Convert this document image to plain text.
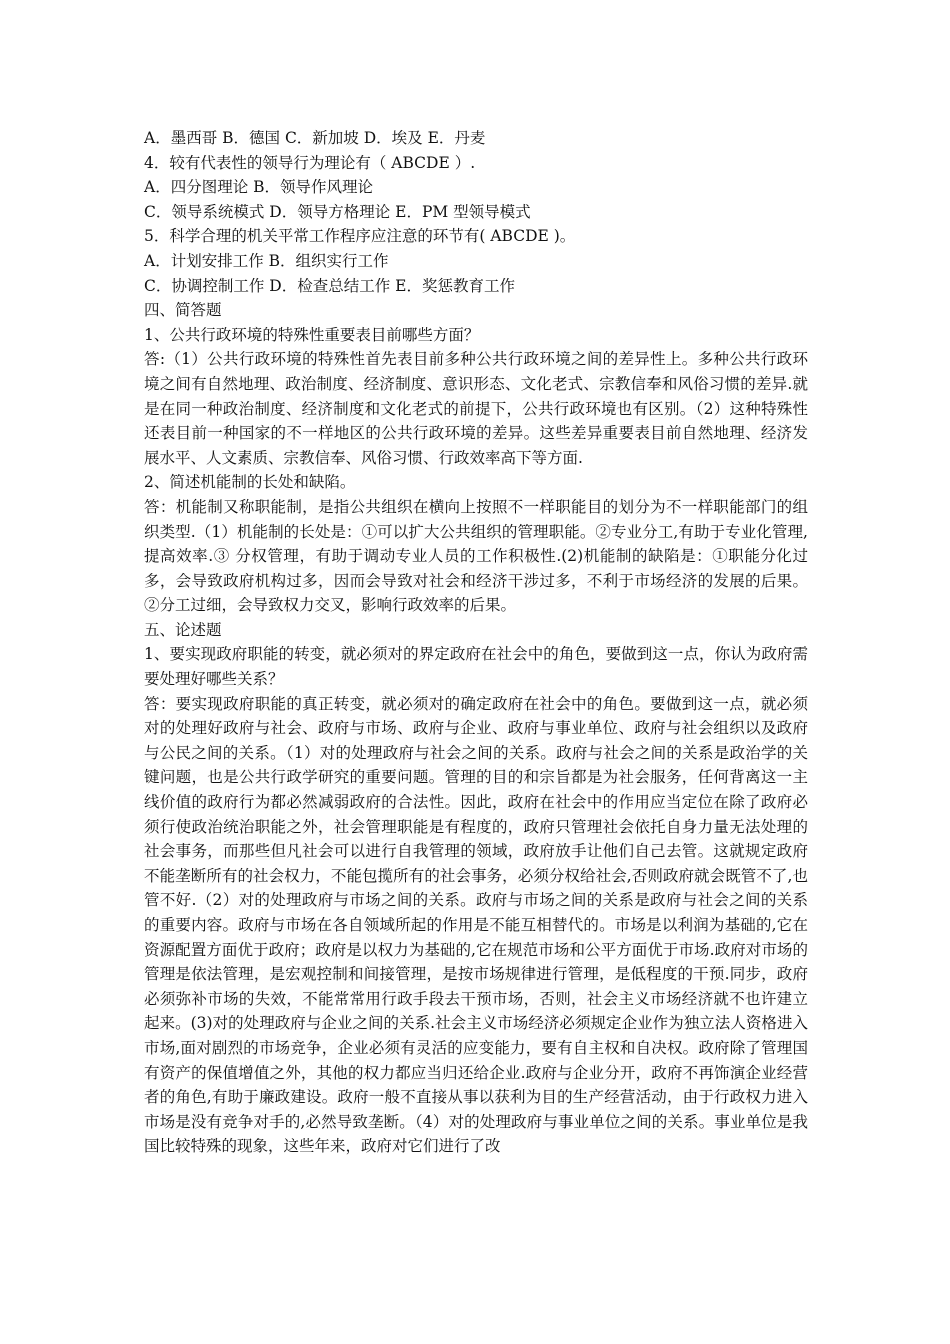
A．墨西哥 B．德国 C．新加坡 D．埃及 E．丹麦

4．较有代表性的领导行为理论有（ ABCDE ）.

A．四分图理论 B．领导作风理论

C．领导系统模式 D．领导方格理论 E．PM 型领导模式

5．科学合理的机关平常工作程序应注意的环节有( ABCDE )。

A．计划安排工作 B．组织实行工作

C．协调控制工作 D．检查总结工作 E．奖惩教育工作

四、简答题

1、公共行政环境的特殊性重要表目前哪些方面？

答:（1）公共行政环境的特殊性首先表目前多种公共行政环境之间的差异性上。多种公共行政环境之间有自然地理、政治制度、经济制度、意识形态、文化老式、宗教信奉和风俗习惯的差异.就是在同一种政治制度、经济制度和文化老式的前提下，公共行政环境也有区别。（2）这种特殊性还表目前一种国家的不一样地区的公共行政环境的差异。这些差异重要表目前自然地理、经济发展水平、人文素质、宗教信奉、风俗习惯、行政效率高下等方面.

2、简述机能制的长处和缺陷。

答：机能制又称职能制，是指公共组织在横向上按照不一样职能目的划分为不一样职能部门的组织类型.（1）机能制的长处是：①可以扩大公共组织的管理职能。②专业分工,有助于专业化管理,提高效率.③ 分权管理，有助于调动专业人员的工作积极性.(2)机能制的缺陷是：①职能分化过多，会导致政府机构过多，因而会导致对社会和经济干涉过多，不利于市场经济的发展的后果。②分工过细，会导致权力交叉，影响行政效率的后果。

五、论述题

1、要实现政府职能的转变，就必须对的界定政府在社会中的角色，要做到这一点，你认为政府需要处理好哪些关系？

答：要实现政府职能的真正转变，就必须对的确定政府在社会中的角色。要做到这一点，就必须对的处理好政府与社会、政府与市场、政府与企业、政府与事业单位、政府与社会组织以及政府与公民之间的关系。（1）对的处理政府与社会之间的关系。政府与社会之间的关系是政治学的关键问题，也是公共行政学研究的重要问题。管理的目的和宗旨都是为社会服务，任何背离这一主线价值的政府行为都必然减弱政府的合法性。因此，政府在社会中的作用应当定位在除了政府必须行使政治统治职能之外，社会管理职能是有程度的，政府只管理社会依托自身力量无法处理的社会事务，而那些但凡社会可以进行自我管理的领域，政府放手让他们自己去管。这就规定政府不能垄断所有的社会权力，不能包揽所有的社会事务，必须分权给社会,否则政府就会既管不了,也管不好.（2）对的处理政府与市场之间的关系。政府与市场之间的关系是政府与社会之间的关系的重要内容。政府与市场在各自领域所起的作用是不能互相替代的。市场是以利润为基础的,它在资源配置方面优于政府；政府是以权力为基础的,它在规范市场和公平方面优于市场.政府对市场的管理是依法管理，是宏观控制和间接管理，是按市场规律进行管理，是低程度的干预.同步，政府必须弥补市场的失效，不能常常用行政手段去干预市场，否则，社会主义市场经济就不也许建立起来。(3)对的处理政府与企业之间的关系.社会主义市场经济必须规定企业作为独立法人资格进入市场,面对剧烈的市场竞争，企业必须有灵活的应变能力，要有自主权和自决权。政府除了管理国有资产的保值增值之外，其他的权力都应当归还给企业.政府与企业分开，政府不再饰演企业经营者的角色,有助于廉政建设。政府一般不直接从事以获利为目的生产经营活动，由于行政权力进入市场是没有竞争对手的,必然导致垄断。（4）对的处理政府与事业单位之间的关系。事业单位是我国比较特殊的现象，这些年来，政府对它们进行了改
